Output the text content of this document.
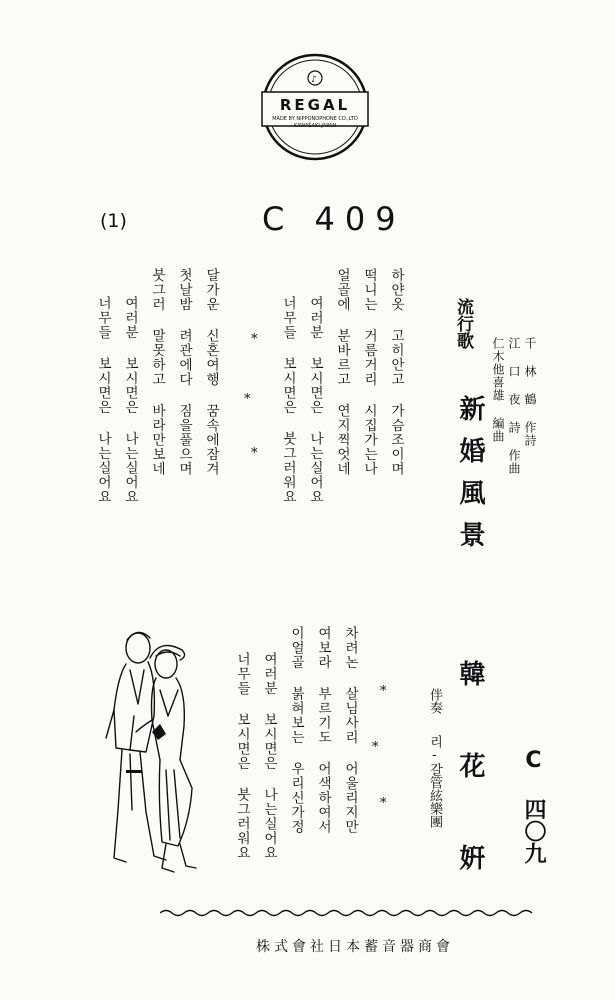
♪
REGAL
MADE BY NIPPONOPHONE CO.,LTD
KAWASAKI JAPAN
千 林 鶴 作詩
江 口 夜 詩 作曲
仁木他喜雄 編曲
(1)	C 409
流行歌
新婚風景
韓 花 姸
伴奏
리-갈管絃樂團	C 四〇九
하얀옷 고히안고 가슴조이며
떡니는 거름거리 시집가는나
얼골에 분바르고 연지찍엇네
여러분 보시면은 나는실어요
너무들 보시면은 붓그러워요
*
*
*
달가운 신혼여행 꿈속에잠겨
첫날밤 려관에다 짐을풀으며
붓그러 말못하고 바라만보네
여러분 보시면은 나는실어요
너무들 보시면은 나는실어요
*
*
*
차려논 살님사리 어울리지만
여보라 부르기도 어색하여서
이얼골 붉혀보는 우리신가정
여러분 보시면은 나는실어요
너무들 보시면은 붓그러워요
株式會社日本蓄音器商會
